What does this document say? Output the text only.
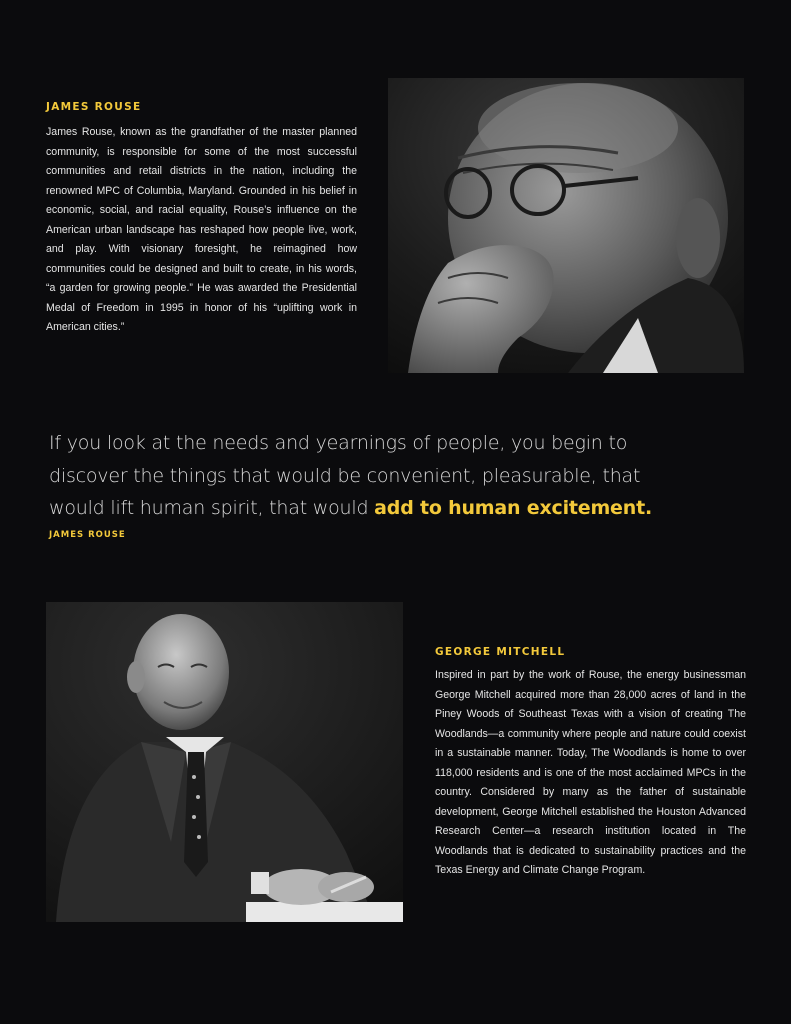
JAMES ROUSE

James Rouse, known as the grandfather of the master planned community, is responsible for some of the most successful communities and retail districts in the nation, including the renowned MPC of Columbia, Maryland. Grounded in his belief in economic, social, and racial equality, Rouse’s influence on the American urban landscape has reshaped how people live, work, and play. With visionary foresight, he reimagined how communities could be designed and built to create, in his words, “a garden for growing people.” He was awarded the Presidential Medal of Freedom in 1995 in honor of his “uplifting work in American cities.”

If you look at the needs and yearnings of people, you begin to discover the things that would be convenient, pleasurable, that would lift human spirit, that would add to human excitement.

JAMES ROUSE

GEORGE MITCHELL

Inspired in part by the work of Rouse, the energy businessman George Mitchell acquired more than 28,000 acres of land in the Piney Woods of Southeast Texas with a vision of creating The Woodlands—a community where people and nature could coexist in a sustainable manner. Today, The Woodlands is home to over 118,000 residents and is one of the most acclaimed MPCs in the country. Considered by many as the father of sustainable development, George Mitchell established the Houston Advanced Research Center—a research institution located in The Woodlands that is dedicated to sustainability practices and the Texas Energy and Climate Change Program.
